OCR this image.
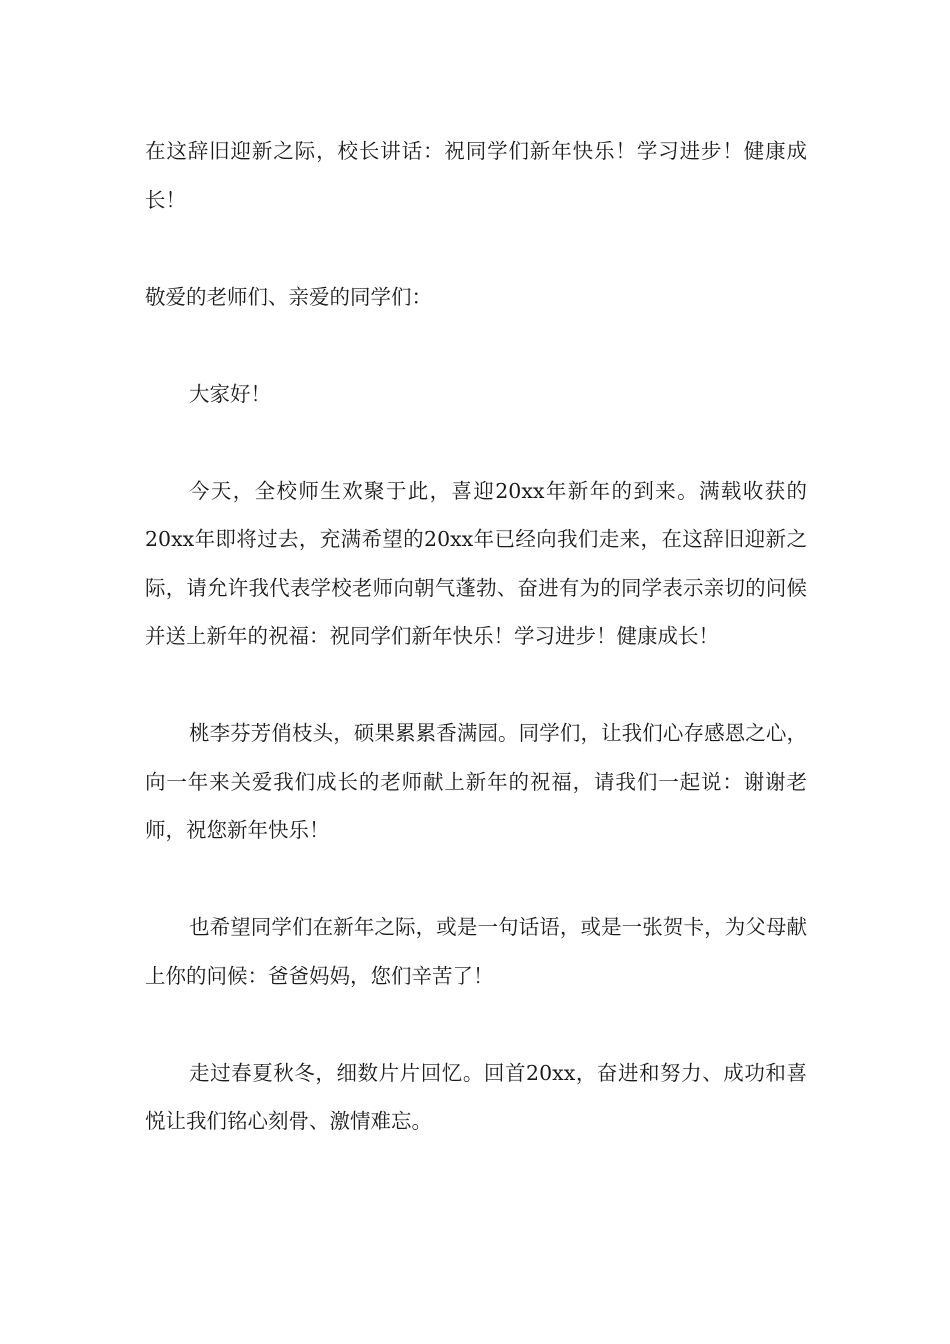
在这辞旧迎新之际，校长讲话：祝同学们新年快乐！学习进步！健康成长！

敬爱的老师们、亲爱的同学们：

大家好！

今天，全校师生欢聚于此，喜迎20xx年新年的到来。满载收获的20xx年即将过去，充满希望的20xx年已经向我们走来，在这辞旧迎新之际，请允许我代表学校老师向朝气蓬勃、奋进有为的同学表示亲切的问候并送上新年的祝福：祝同学们新年快乐！学习进步！健康成长！

桃李芬芳俏枝头，硕果累累香满园。同学们，让我们心存感恩之心，向一年来关爱我们成长的老师献上新年的祝福，请我们一起说：谢谢老师，祝您新年快乐！

也希望同学们在新年之际，或是一句话语，或是一张贺卡，为父母献上你的问候：爸爸妈妈，您们辛苦了！

走过春夏秋冬，细数片片回忆。回首20xx，奋进和努力、成功和喜悦让我们铭心刻骨、激情难忘。
